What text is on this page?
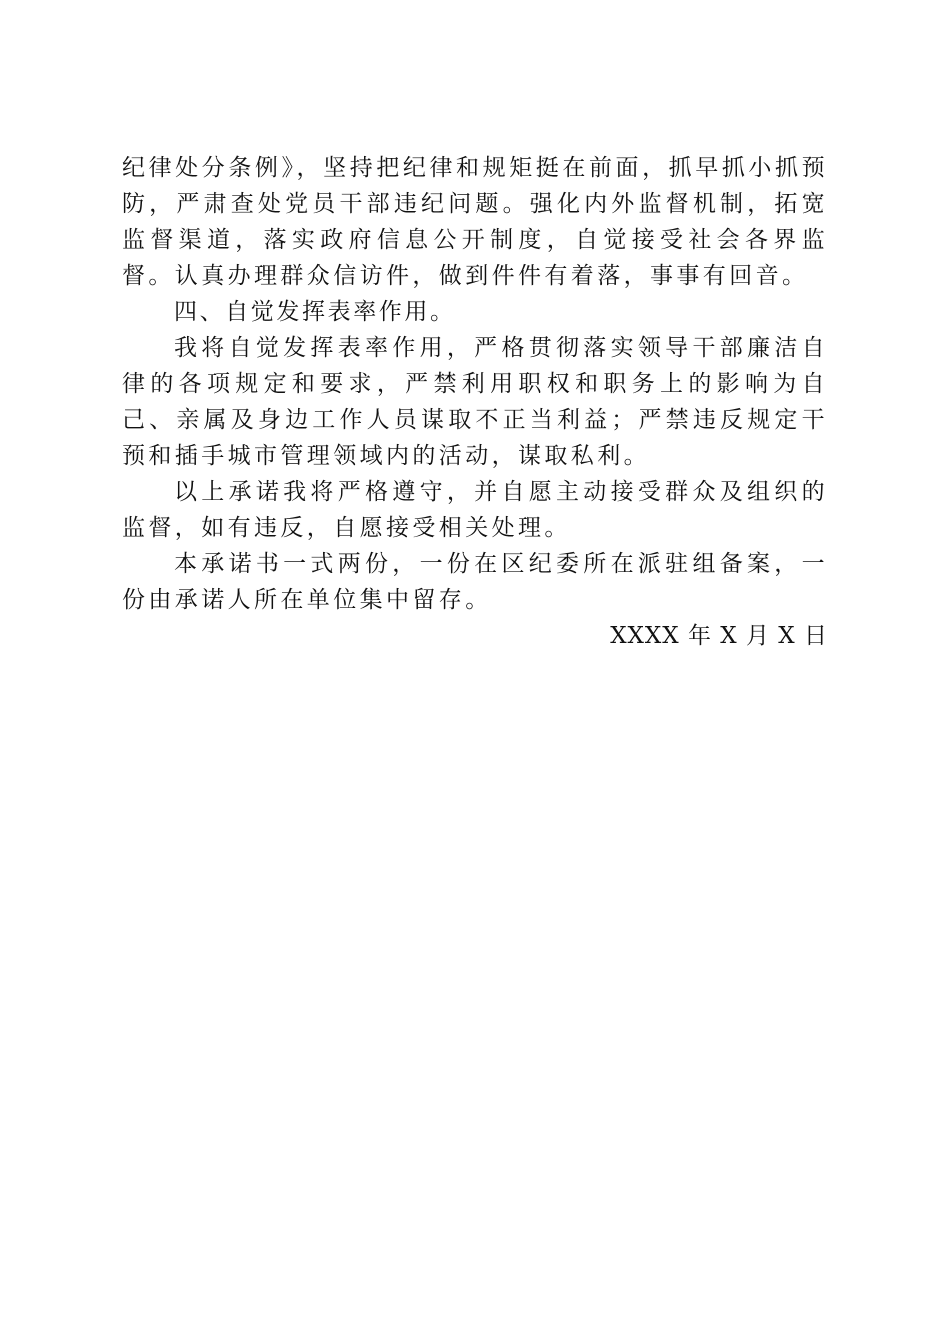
纪律处分条例》，坚持把纪律和规矩挺在前面，抓早抓小抓预防，严肃查处党员干部违纪问题。强化内外监督机制，拓宽监督渠道，落实政府信息公开制度，自觉接受社会各界监督。认真办理群众信访件，做到件件有着落，事事有回音。

四、自觉发挥表率作用。

我将自觉发挥表率作用，严格贯彻落实领导干部廉洁自律的各项规定和要求，严禁利用职权和职务上的影响为自己、亲属及身边工作人员谋取不正当利益；严禁违反规定干预和插手城市管理领域内的活动，谋取私利。

以上承诺我将严格遵守，并自愿主动接受群众及组织的监督，如有违反，自愿接受相关处理。

本承诺书一式两份，一份在区纪委所在派驻组备案，一份由承诺人所在单位集中留存。

XXXX 年 X 月 X 日
